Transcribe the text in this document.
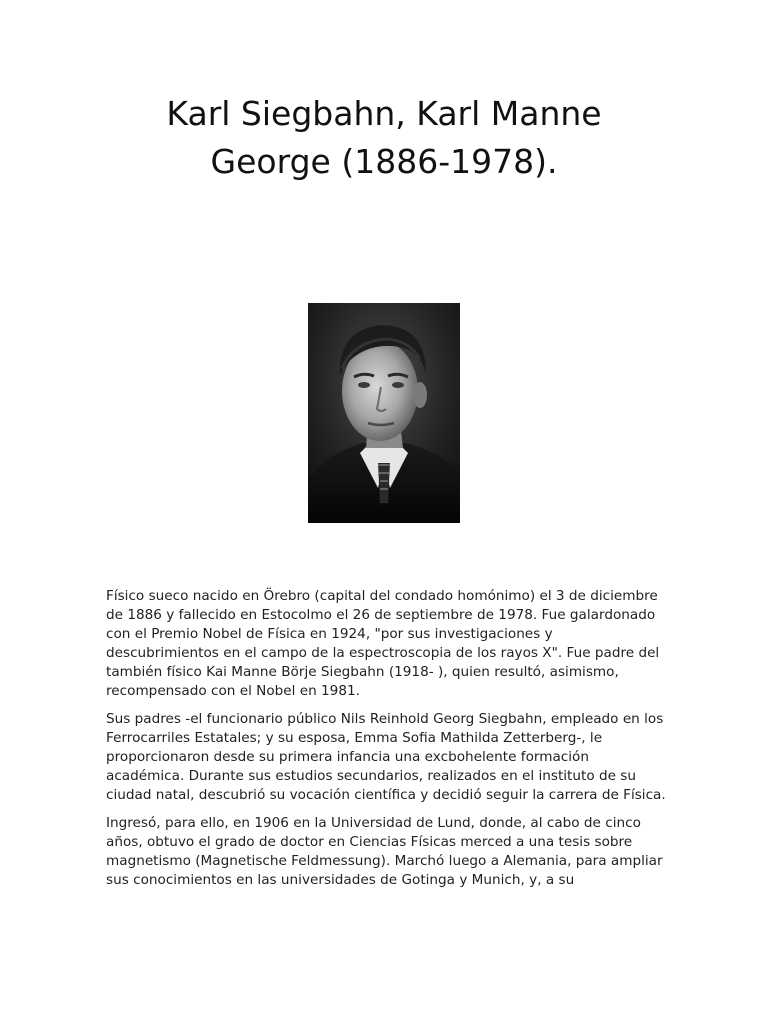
Karl Siegbahn, Karl Manne
George (1886-1978).

Físico sueco nacido en Örebro (capital del condado homónimo) el 3 de diciembre de 1886 y fallecido en Estocolmo el 26 de septiembre de 1978. Fue galardonado con el Premio Nobel de Física en 1924, "por sus investigaciones y descubrimientos en el campo de la espectroscopia de los rayos X". Fue padre del también físico Kai Manne Börje Siegbahn (1918- ), quien resultó, asimismo, recompensado con el Nobel en 1981.

Sus padres -el funcionario público Nils Reinhold Georg Siegbahn, empleado en los Ferrocarriles Estatales; y su esposa, Emma Sofia Mathilda Zetterberg-, le proporcionaron desde su primera infancia una excbohelente formación académica. Durante sus estudios secundarios, realizados en el instituto de su ciudad natal, descubrió su vocación científica y decidió seguir la carrera de Física.

Ingresó, para ello, en 1906 en la Universidad de Lund, donde, al cabo de cinco años, obtuvo el grado de doctor en Ciencias Físicas merced a una tesis sobre magnetismo (Magnetische Feldmessung). Marchó luego a Alemania, para ampliar sus conocimientos en las universidades de Gotinga y Munich, y, a su
